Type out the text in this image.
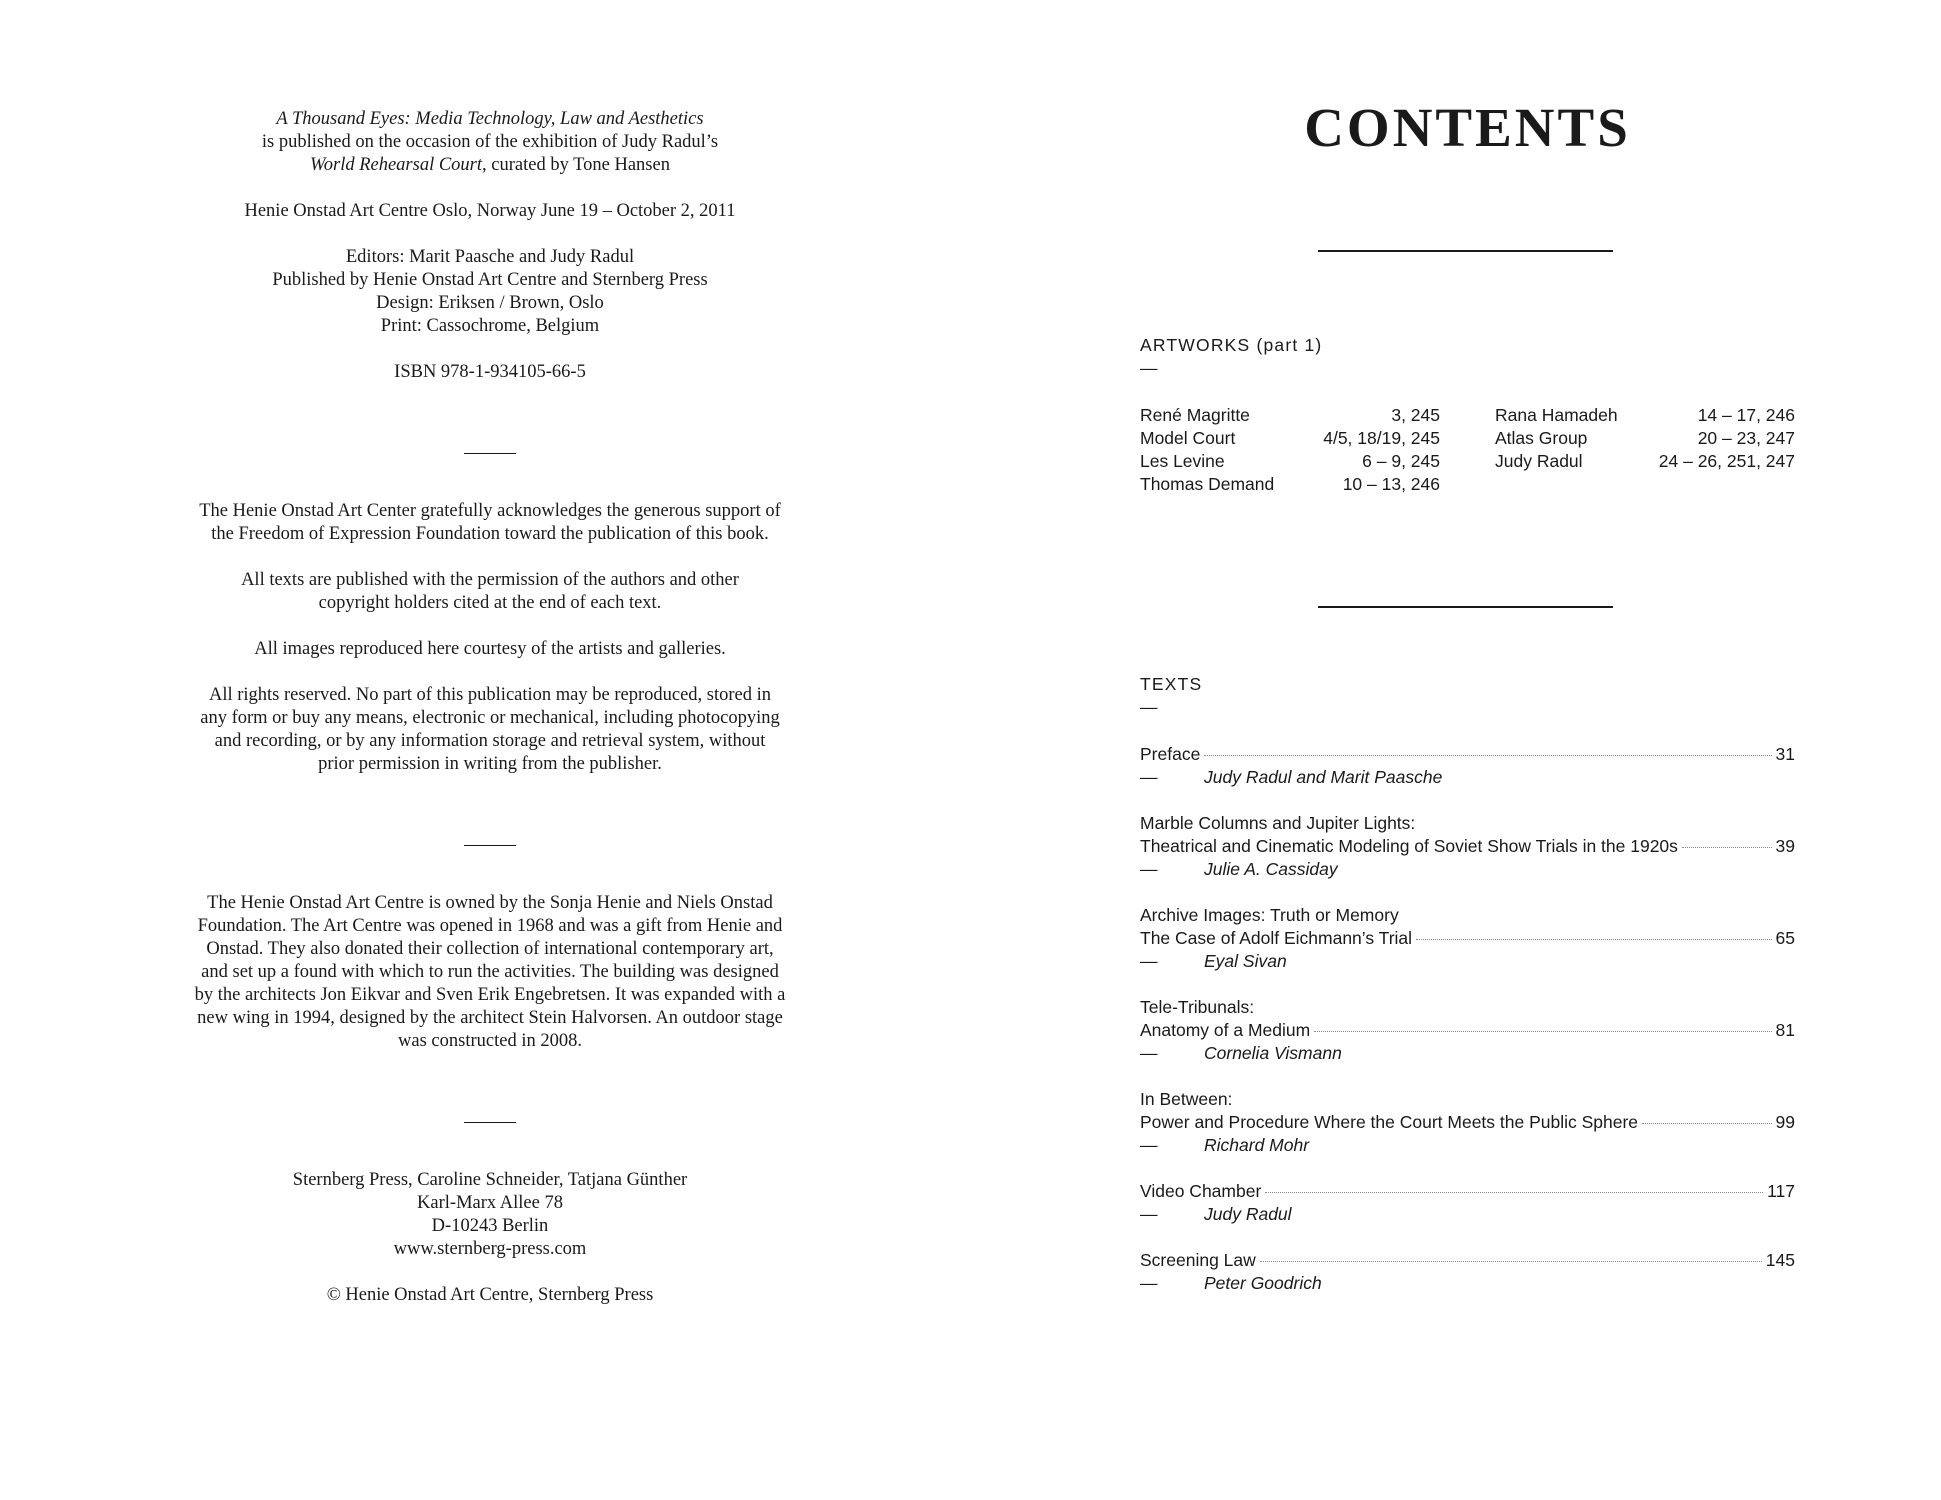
A Thousand Eyes: Media Technology, Law and Aesthetics
is published on the occasion of the exhibition of Judy Radul’s
World Rehearsal Court, curated by Tone Hansen

Henie Onstad Art Centre Oslo, Norway June 19 – October 2, 2011

Editors: Marit Paasche and Judy Radul
Published by Henie Onstad Art Centre and Sternberg Press
Design: Eriksen / Brown, Oslo
Print: Cassochrome, Belgium

ISBN 978-1-934105-66-5

The Henie Onstad Art Center gratefully acknowledges the generous support of
the Freedom of Expression Foundation toward the publication of this book.

All texts are published with the permission of the authors and other
copyright holders cited at the end of each text.

All images reproduced here courtesy of the artists and galleries.

All rights reserved. No part of this publication may be reproduced, stored in
any form or buy any means, electronic or mechanical, including photocopying
and recording, or by any information storage and retrieval system, without
prior permission in writing from the publisher.

The Henie Onstad Art Centre is owned by the Sonja Henie and Niels Onstad
Foundation. The Art Centre was opened in 1968 and was a gift from Henie and
Onstad. They also donated their collection of international contemporary art,
and set up a found with which to run the activities. The building was designed
by the architects Jon Eikvar and Sven Erik Engebretsen. It was expanded with a
new wing in 1994, designed by the architect Stein Halvorsen. An outdoor stage
was constructed in 2008.

Sternberg Press, Caroline Schneider, Tatjana Günther
Karl-Marx Allee 78
D-10243 Berlin
www.sternberg-press.com

© Henie Onstad Art Centre, Sternberg Press

CONTENTS
ARTWORKS (part 1)
—
René Magritte	3, 245
Model Court	4/5, 18/19, 245
Les Levine	6 – 9, 245
Thomas Demand	10 – 13, 246
Rana Hamadeh	14 – 17, 246
Atlas Group	20 – 23, 247
Judy Radul	24 – 26, 251, 247
TEXTS
—
Preface	31
—	Judy Radul and Marit Paasche
Marble Columns and Jupiter Lights:
Theatrical and Cinematic Modeling of Soviet Show Trials in the 1920s	39
—	Julie A. Cassiday
Archive Images: Truth or Memory
The Case of Adolf Eichmann’s Trial	65
—	Eyal Sivan
Tele-Tribunals:
Anatomy of a Medium	81
—	Cornelia Vismann
In Between:
Power and Procedure Where the Court Meets the Public Sphere	99
—	Richard Mohr
Video Chamber	117
—	Judy Radul
Screening Law	145
—	Peter Goodrich
